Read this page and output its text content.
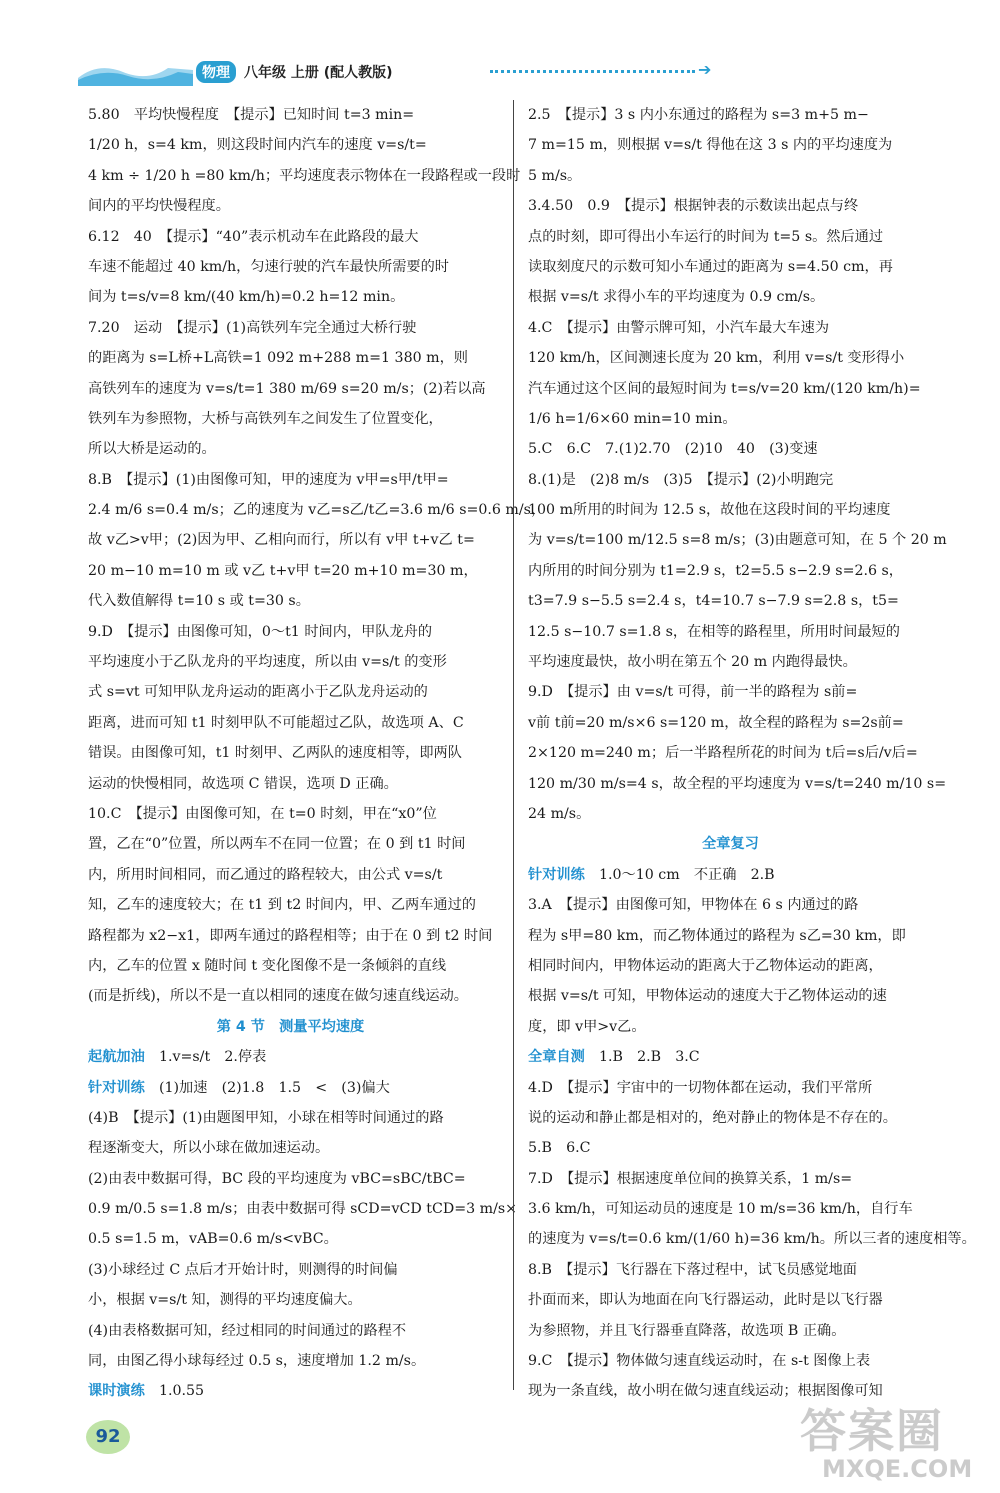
物理	八年级 上册 (配人教版)	➔
5.80　平均快慢程度　【提示】已知时间 t=3 min=
1/20 h，s=4 km，则这段时间内汽车的速度 v=s/t=
4 km ÷ 1/20 h =80 km/h；平均速度表示物体在一段路程或一段时
间内的平均快慢程度。
6.12　40　【提示】“40”表示机动车在此路段的最大
车速不能超过 40 km/h，匀速行驶的汽车最快所需要的时
间为 t=s/v=8 km/(40 km/h)=0.2 h=12 min。
7.20　运动　【提示】(1)高铁列车完全通过大桥行驶
的距离为 s=L桥+L高铁=1 092 m+288 m=1 380 m，则
高铁列车的速度为 v=s/t=1 380 m/69 s=20 m/s；(2)若以高
铁列车为参照物，大桥与高铁列车之间发生了位置变化，
所以大桥是运动的。
8.B　【提示】(1)由图像可知，甲的速度为 v甲=s甲/t甲=
2.4 m/6 s=0.4 m/s；乙的速度为 v乙=s乙/t乙=3.6 m/6 s=0.6 m/s，
故 v乙>v甲；(2)因为甲、乙相向而行，所以有 v甲 t+v乙 t=
20 m−10 m=10 m 或 v乙 t+v甲 t=20 m+10 m=30 m，
代入数值解得 t=10 s 或 t=30 s。
9.D　【提示】由图像可知，0～t1 时间内，甲队龙舟的
平均速度小于乙队龙舟的平均速度，所以由 v=s/t 的变形
式 s=vt 可知甲队龙舟运动的距离小于乙队龙舟运动的
距离，进而可知 t1 时刻甲队不可能超过乙队，故选项 A、C
错误。由图像可知，t1 时刻甲、乙两队的速度相等，即两队
运动的快慢相同，故选项 C 错误，选项 D 正确。
10.C　【提示】由图像可知，在 t=0 时刻，甲在“x0”位
置，乙在“0”位置，所以两车不在同一位置；在 0 到 t1 时间
内，所用时间相同，而乙通过的路程较大，由公式 v=s/t
知，乙车的速度较大；在 t1 到 t2 时间内，甲、乙两车通过的
路程都为 x2−x1，即两车通过的路程相等；由于在 0 到 t2 时间
内，乙车的位置 x 随时间 t 变化图像不是一条倾斜的直线
(而是折线)，所以不是一直以相同的速度在做匀速直线运动。
第 4 节　测量平均速度
起航加油　1.v=s/t　2.停表
针对训练　(1)加速　(2)1.8　1.5　<　(3)偏大
(4)B　【提示】(1)由题图甲知，小球在相等时间通过的路
程逐渐变大，所以小球在做加速运动。
(2)由表中数据可得，BC 段的平均速度为 vBC=sBC/tBC=
0.9 m/0.5 s=1.8 m/s；由表中数据可得 sCD=vCD tCD=3 m/s×
0.5 s=1.5 m，vAB=0.6 m/s<vBC。
(3)小球经过 C 点后才开始计时，则测得的时间偏
小，根据 v=s/t 知，测得的平均速度偏大。
(4)由表格数据可知，经过相同的时间通过的路程不
同，由图乙得小球每经过 0.5 s，速度增加 1.2 m/s。
课时演练　1.0.55
2.5　【提示】3 s 内小东通过的路程为 s=3 m+5 m−
7 m=15 m，则根据 v=s/t 得他在这 3 s 内的平均速度为
5 m/s。
3.4.50　0.9　【提示】根据钟表的示数读出起点与终
点的时刻，即可得出小车运行的时间为 t=5 s。然后通过
读取刻度尺的示数可知小车通过的距离为 s=4.50 cm，再
根据 v=s/t 求得小车的平均速度为 0.9 cm/s。
4.C　【提示】由警示牌可知，小汽车最大车速为
120 km/h，区间测速长度为 20 km，利用 v=s/t 变形得小
汽车通过这个区间的最短时间为 t=s/v=20 km/(120 km/h)=
1/6 h=1/6×60 min=10 min。
5.C　6.C　7.(1)2.70　(2)10　40　(3)变速
8.(1)是　(2)8 m/s　(3)5　【提示】(2)小明跑完
100 m所用的时间为 12.5 s，故他在这段时间的平均速度
为 v=s/t=100 m/12.5 s=8 m/s；(3)由题意可知，在 5 个 20 m
内所用的时间分别为 t1=2.9 s，t2=5.5 s−2.9 s=2.6 s，
t3=7.9 s−5.5 s=2.4 s，t4=10.7 s−7.9 s=2.8 s，t5=
12.5 s−10.7 s=1.8 s，在相等的路程里，所用时间最短的
平均速度最快，故小明在第五个 20 m 内跑得最快。
9.D　【提示】由 v=s/t 可得，前一半的路程为 s前=
v前 t前=20 m/s×6 s=120 m，故全程的路程为 s=2s前=
2×120 m=240 m；后一半路程所花的时间为 t后=s后/v后=
120 m/30 m/s=4 s，故全程的平均速度为 v=s/t=240 m/10 s=
24 m/s。
全章复习
针对训练　1.0～10 cm　不正确　2.B
3.A　【提示】由图像可知，甲物体在 6 s 内通过的路
程为 s甲=80 km，而乙物体通过的路程为 s乙=30 km，即
相同时间内，甲物体运动的距离大于乙物体运动的距离，
根据 v=s/t 可知，甲物体运动的速度大于乙物体运动的速
度，即 v甲>v乙。
全章自测　1.B　2.B　3.C
4.D　【提示】宇宙中的一切物体都在运动，我们平常所
说的运动和静止都是相对的，绝对静止的物体是不存在的。
5.B　6.C
7.D　【提示】根据速度单位间的换算关系，1 m/s=
3.6 km/h，可知运动员的速度是 10 m/s=36 km/h，自行车
的速度为 v=s/t=0.6 km/(1/60 h)=36 km/h。所以三者的速度相等。
8.B　【提示】飞行器在下落过程中，试飞员感觉地面
扑面而来，即认为地面在向飞行器运动，此时是以飞行器
为参照物，并且飞行器垂直降落，故选项 B 正确。
9.C　【提示】物体做匀速直线运动时，在 s-t 图像上表
现为一条直线，故小明在做匀速直线运动；根据图像可知
92	答案圈
MXQE.COM
